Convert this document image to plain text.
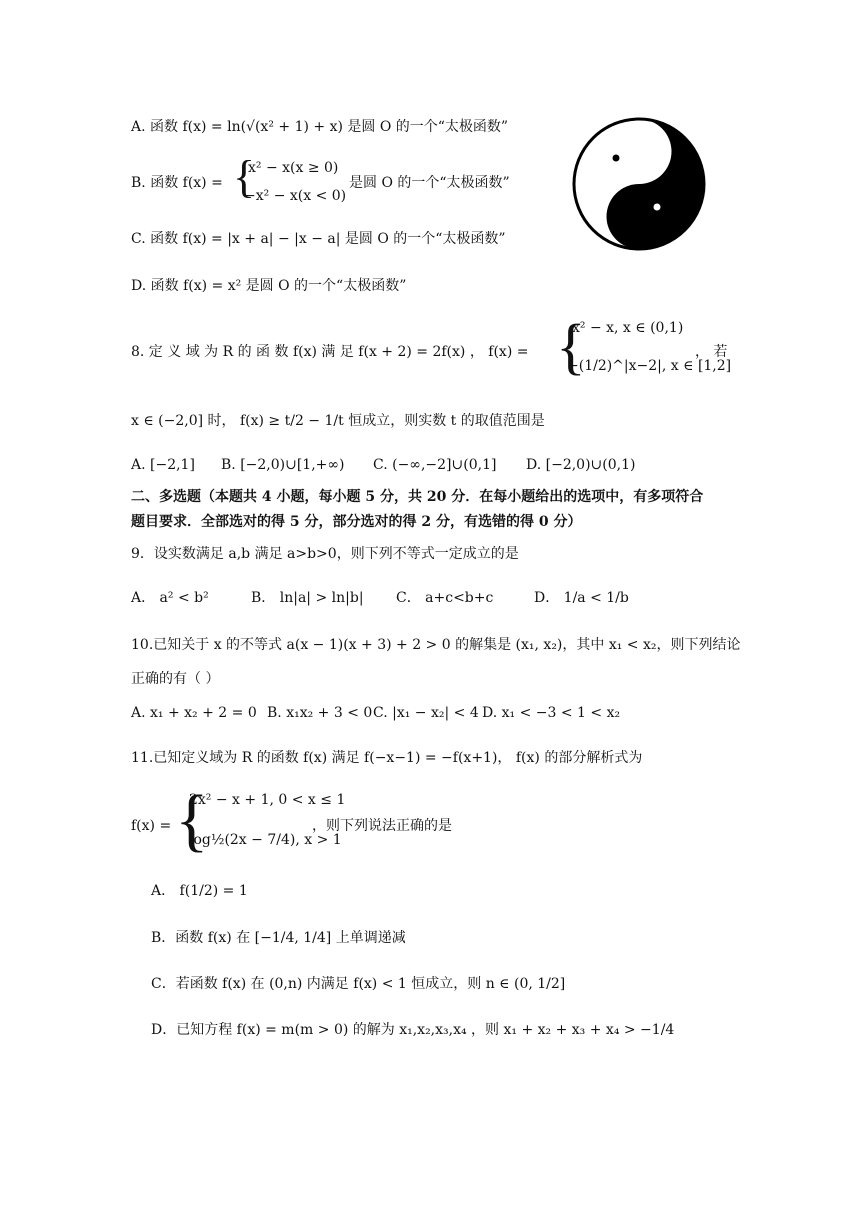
A. 函数 f(x) = ln(√(x² + 1) + x) 是圆 O 的一个“太极函数”
B. 函数 f(x) = {
x² − x(x ≥ 0)
−x² − x(x < 0)
是圆 O 的一个“太极函数”
C. 函数 f(x) = |x + a| − |x − a| 是圆 O 的一个“太极函数”
D. 函数 f(x) = x² 是圆 O 的一个“太极函数”
8. 定 义 域 为 R 的 函 数 f(x) 满 足 f(x + 2) = 2f(x) ， f(x) = {
x² − x, x ∈ (0,1)
−(1/2)^|x−2|, x ∈ [1,2]
， 若
x ∈ (−2,0] 时， f(x) ≥ t/2 − 1/t 恒成立，则实数 t 的取值范围是
A. [−2,1] B. [−2,0)∪[1,+∞) C. (−∞,−2]∪(0,1] D. [−2,0)∪(0,1)
二、多选题（本题共 4 小题，每小题 5 分，共 20 分．在每小题给出的选项中，有多项符合
题目要求．全部选对的得 5 分，部分选对的得 2 分，有选错的得 0 分）
9．设实数满足 a,b 满足 a>b>0，则下列不等式一定成立的是
A． a² < b²	B． ln|a| > ln|b| C． a+c<b+c	D． 1/a < 1/b
10.已知关于 x 的不等式 a(x − 1)(x + 3) + 2 > 0 的解集是 (x₁, x₂)，其中 x₁ < x₂，则下列结论
正确的有（ ）
A. x₁ + x₂ + 2 = 0 B. x₁x₂ + 3 < 0 C. |x₁ − x₂| < 4 D. x₁ < −3 < 1 < x₂
11.已知定义域为 R 的函数 f(x) 满足 f(−x−1) = −f(x+1)， f(x) 的部分解析式为
f(x) = {
2x² − x + 1, 0 < x ≤ 1
log½(2x − 7/4), x > 1
，则下列说法正确的是
A． f(1/2) = 1
B．函数 f(x) 在 [−1/4, 1/4] 上单调递减
C．若函数 f(x) 在 (0,n) 内满足 f(x) < 1 恒成立，则 n ∈ (0, 1/2]
D．已知方程 f(x) = m(m > 0) 的解为 x₁,x₂,x₃,x₄ ，则 x₁ + x₂ + x₃ + x₄ > −1/4
